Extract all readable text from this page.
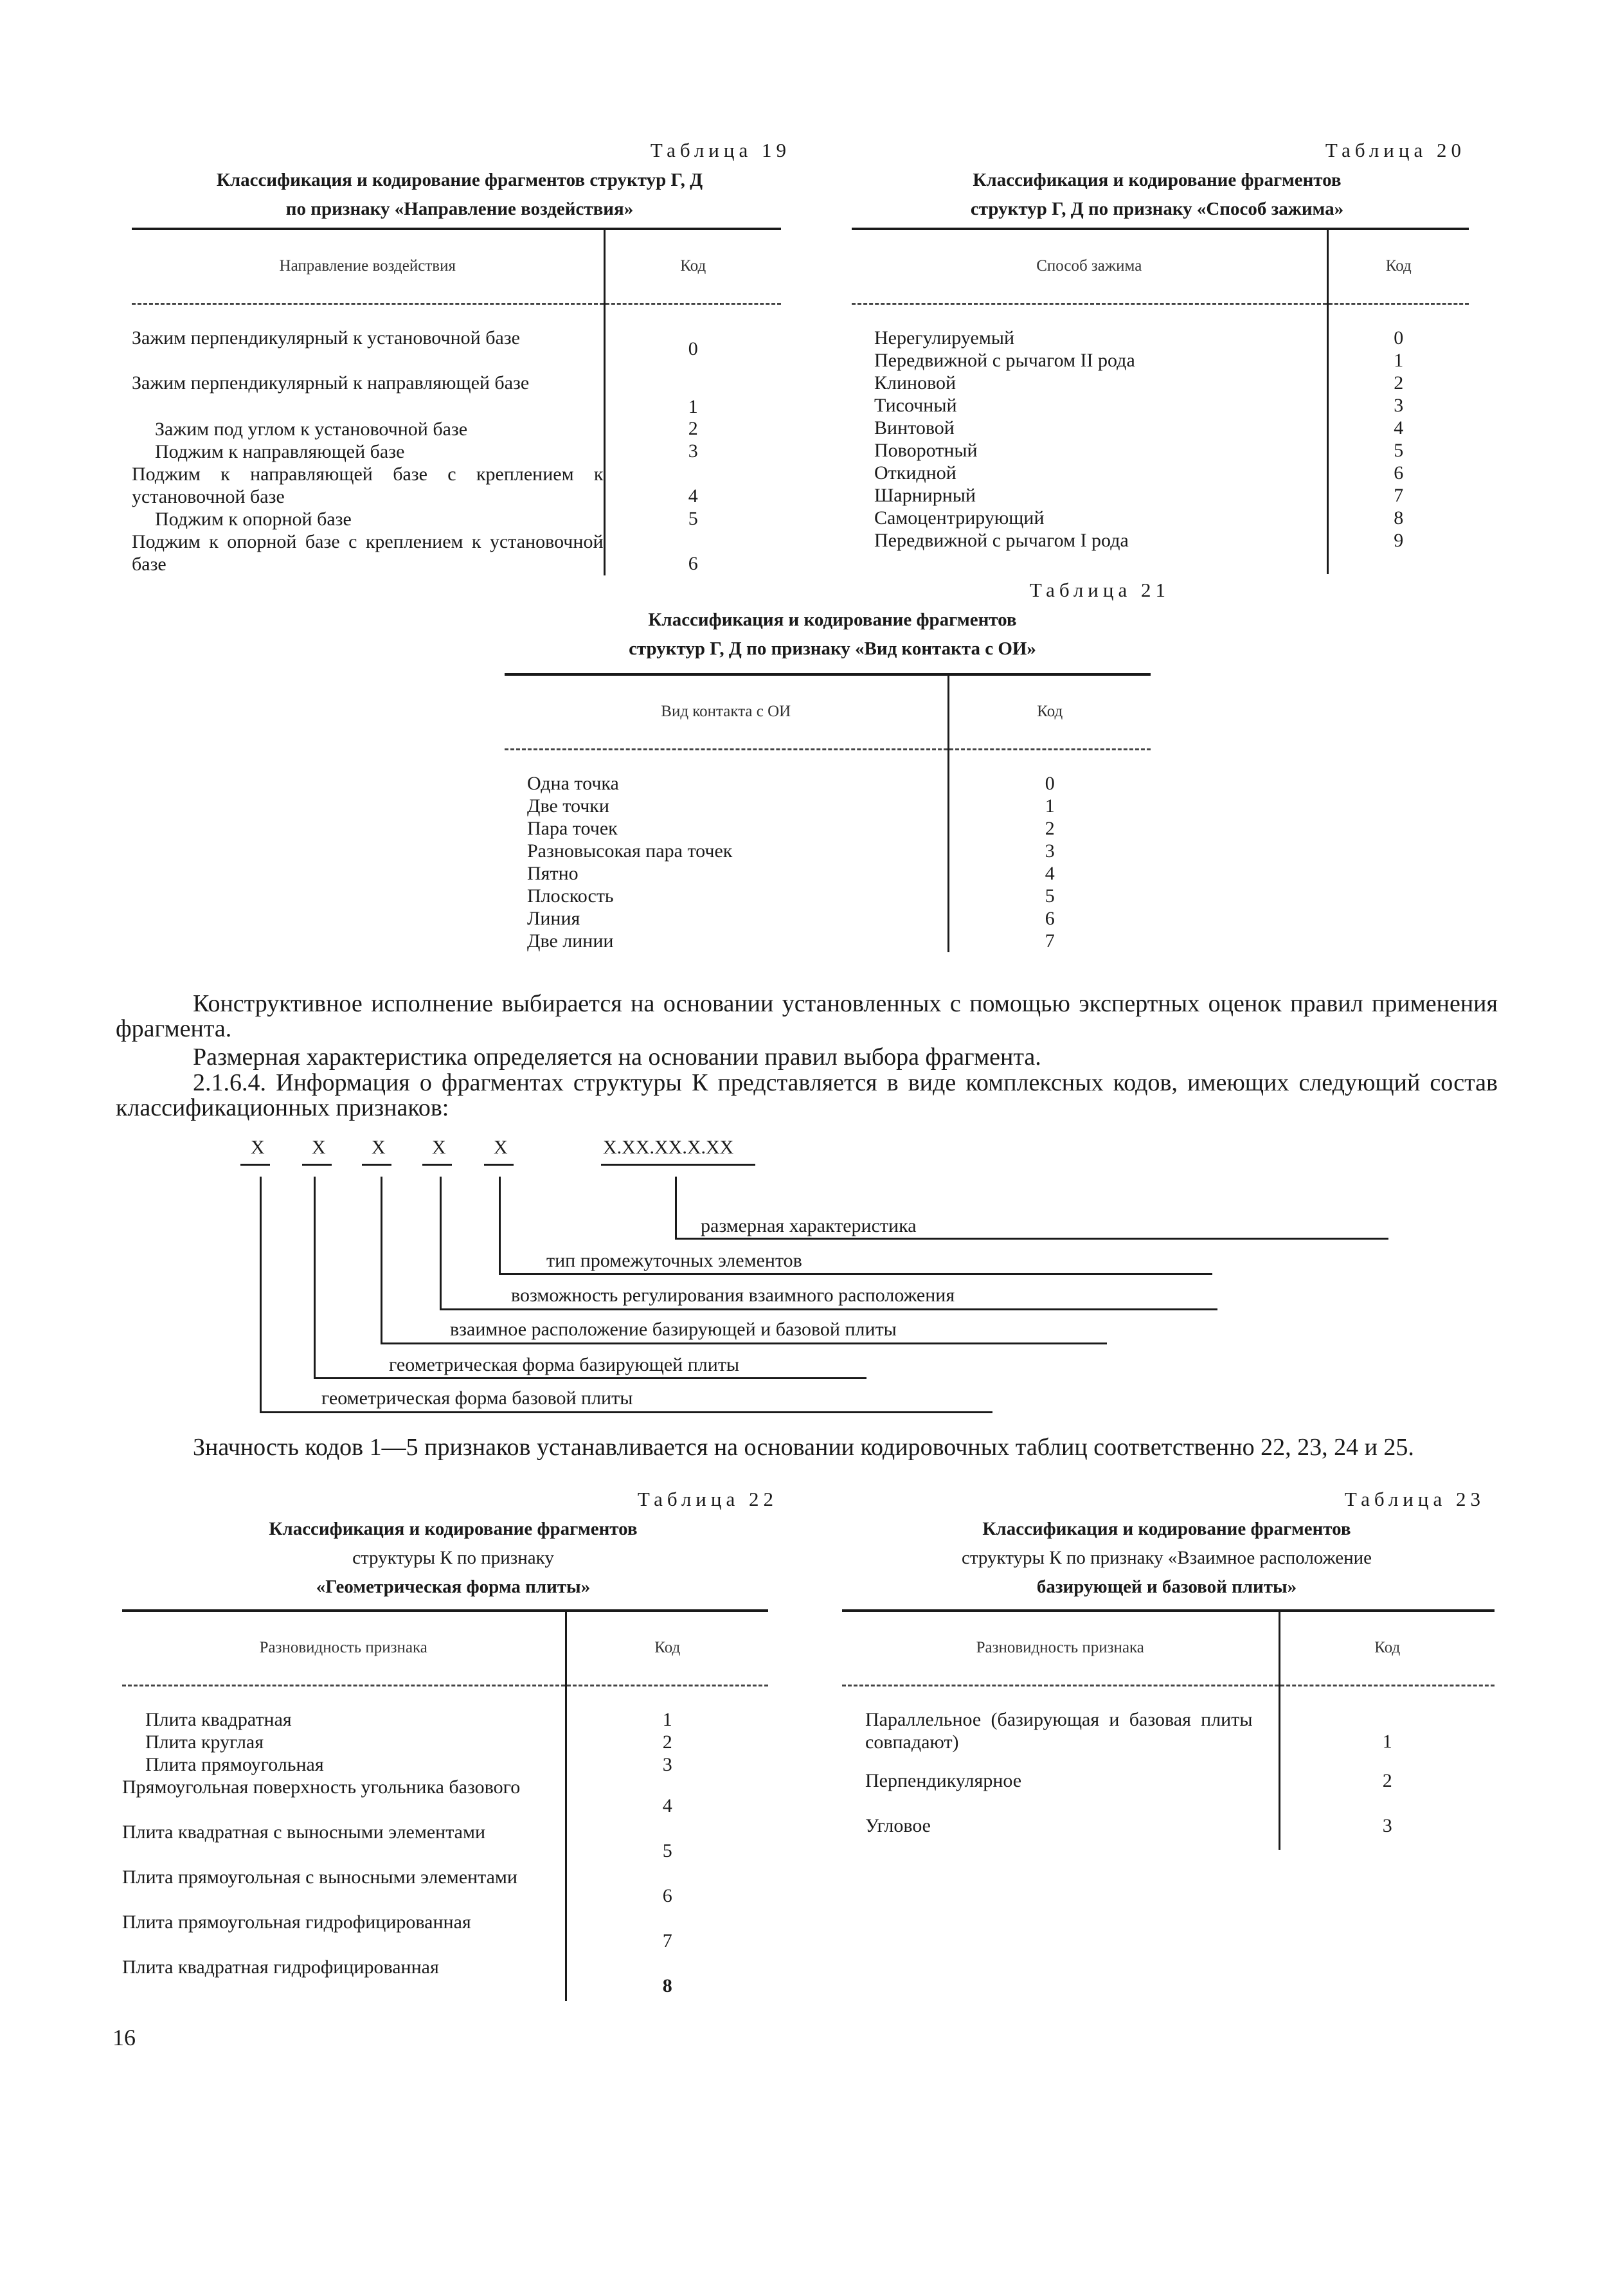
Таблица 19
Классификация и кодирование фрагментов структур Г, Д
по признаку «Направление воздействия»
Направление воздействия	Код

Зажим перпендикулярный к установочной базе	0

Зажим перпендикулярный к направляющей базе	1

Зажим под углом к установочной базе	2

Поджим к направляющей базе	3

Поджим к направляющей базе с креплением к установочной базе	4

Поджим к опорной базе	5

Поджим к опорной базе с креплением к установочной базе	6
Таблица 20
Классификация и кодирование фрагментов
структур Г, Д по признаку «Способ зажима»
Способ зажима	Код

Нерегулируемый	0
Передвижной с рычагом II рода	1
Клиновой	2
Тисочный	3
Винтовой	4
Поворотный	5
Откидной	6
Шарнирный	7
Самоцентрирующий	8
Передвижной с рычагом I рода	9
Таблица 21
Классификация и кодирование фрагментов
структур Г, Д по признаку «Вид контакта с ОИ»
Вид контакта с ОИ	Код

Одна точка	0
Две точки	1
Пара точек	2
Разновысокая пара точек	3
Пятно	4
Плоскость	5
Линия	6
Две линии	7
Конструктивное исполнение выбирается на основании установленных с помощью экспертных оценок правил применения фрагмента.
Размерная характеристика определяется на основании правил выбора фрагмента.
2.1.6.4. Информация о фрагментах структуры К представляется в виде комплексных кодов, имеющих следующий состав классификационных признаков:
X X X X X	X.XX.XX.X.XX
размерная характеристика
тип промежуточных элементов
возможность регулирования взаимного расположения
взаимное расположение базирующей и базовой плиты
геометрическая форма базирующей плиты
геометрическая форма базовой плиты
Значность кодов 1—5 признаков устанавливается на основании кодировочных таблиц соответственно 22, 23, 24 и 25.
Таблица 22
Классификация и кодирование фрагментов
структуры К по признаку
«Геометрическая форма плиты»
Разновидность признака	Код

Плита квадратная	1

Плита круглая	2

Плита прямоугольная	3

Прямоугольная поверхность угольника базового	4

Плита квадратная с выносными элементами	5

Плита прямоугольная с выносными элементами	6

Плита прямоугольная гидрофицированная	7

Плита квадратная гидрофицированная	8
Таблица 23
Классификация и кодирование фрагментов
структуры К по признаку «Взаимное расположение
базирующей и базовой плиты»
Разновидность признака	Код

Параллельное (базирующая и базовая плиты совпадают)	1

Перпендикулярное	2

Угловое	3
16
